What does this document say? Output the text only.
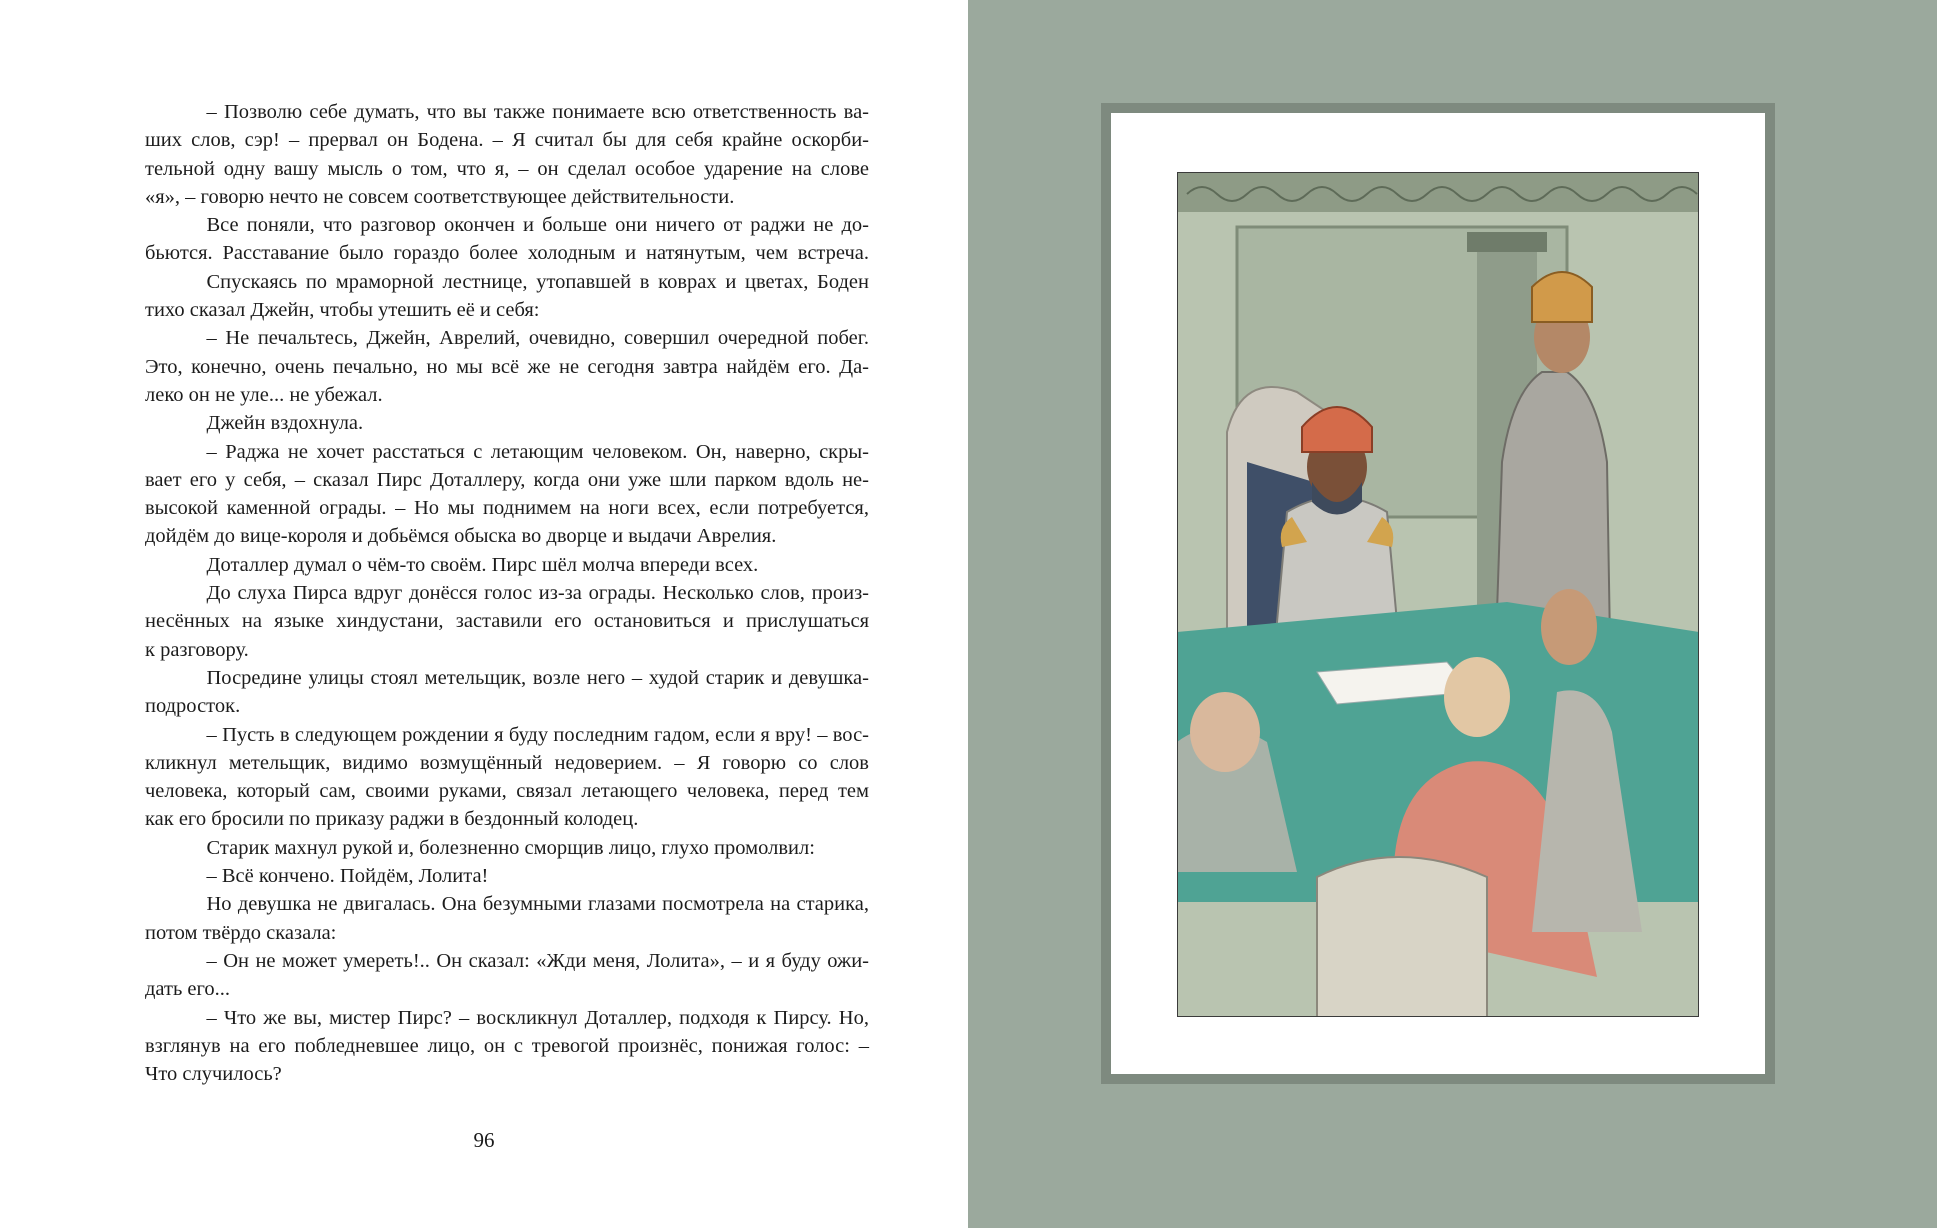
– Позволю себе думать, что вы также понимаете всю ответственность ва-
ших слов, сэр! – прервал он Бодена. – Я считал бы для себя крайне оскорби-
тельной одну вашу мысль о том, что я, – он сделал особое ударение на слове
«я», – говорю нечто не совсем соответствующее действительности.
Все поняли, что разговор окончен и больше они ничего от раджи не до-
бьются. Расставание было гораздо более холодным и натянутым, чем встреча.
Спускаясь по мраморной лестнице, утопавшей в коврах и цветах, Боден
тихо сказал Джейн, чтобы утешить её и себя:
– Не печальтесь, Джейн, Аврелий, очевидно, совершил очередной побег.
Это, конечно, очень печально, но мы всё же не сегодня завтра найдём его. Да-
леко он не уле... не убежал.
Джейн вздохнула.
– Раджа не хочет расстаться с летающим человеком. Он, наверно, скры-
вает его у себя, – сказал Пирс Доталлеру, когда они уже шли парком вдоль не-
высокой каменной ограды. – Но мы поднимем на ноги всех, если потребуется,
дойдём до вице-короля и добьёмся обыска во дворце и выдачи Аврелия.
Доталлер думал о чём-то своём. Пирс шёл молча впереди всех.
До слуха Пирса вдруг донёсся голос из-за ограды. Несколько слов, произ-
несённых на языке хиндустани, заставили его остановиться и прислушаться
к разговору.
Посредине улицы стоял метельщик, возле него – худой старик и девушка-
подросток.
– Пусть в следующем рождении я буду последним гадом, если я вру! – вос-
кликнул метельщик, видимо возмущённый недоверием. – Я говорю со слов
человека, который сам, своими руками, связал летающего человека, перед тем
как его бросили по приказу раджи в бездонный колодец.
Старик махнул рукой и, болезненно сморщив лицо, глухо промолвил:
– Всё кончено. Пойдём, Лолита!
Но девушка не двигалась. Она безумными глазами посмотрела на старика,
потом твёрдо сказала:
– Он не может умереть!.. Он сказал: «Жди меня, Лолита», – и я буду ожи-
дать его...
– Что же вы, мистер Пирс? – воскликнул Доталлер, подходя к Пирсу. Но,
взглянув на его побледневшее лицо, он с тревогой произнёс, понижая голос: –
Что случилось?
96
